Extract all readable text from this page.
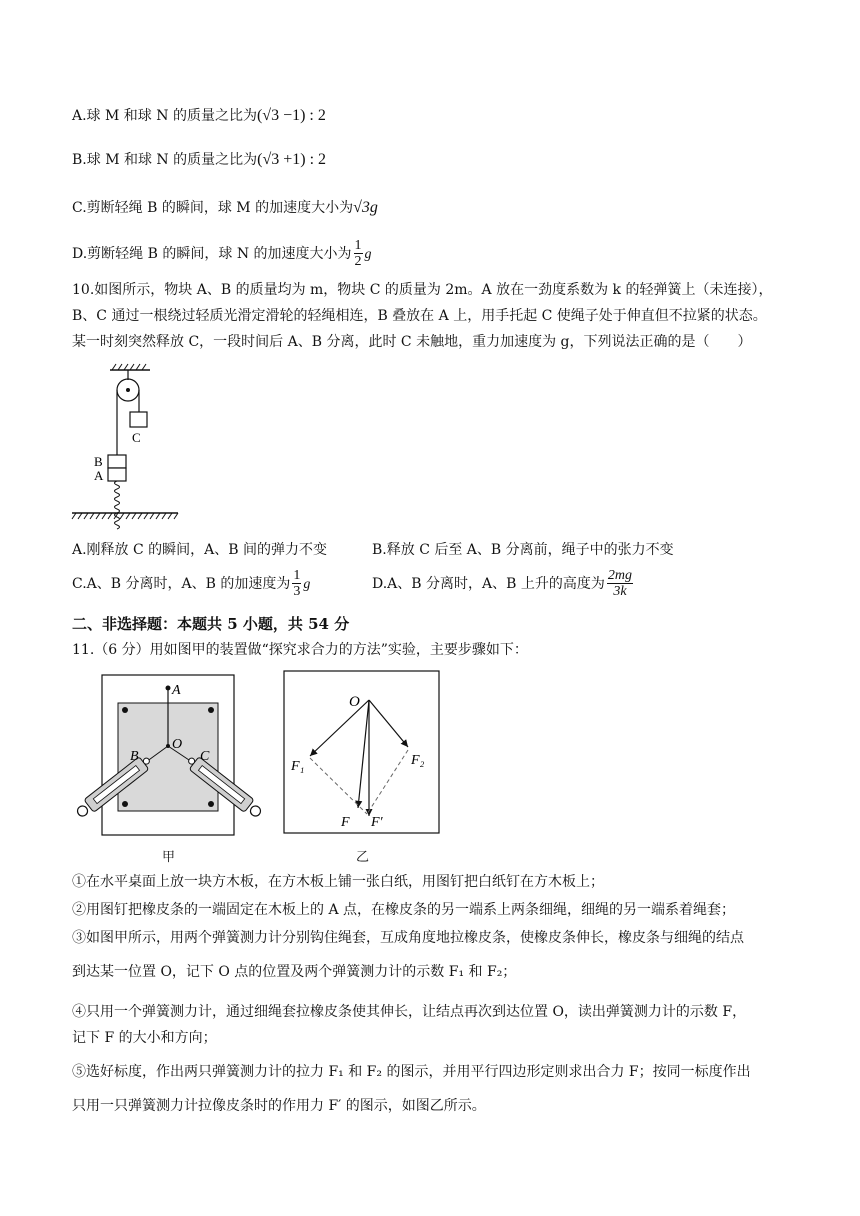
A.球 M 和球 N 的质量之比为(√3 −1) : 2
B.球 M 和球 N 的质量之比为(√3 +1) : 2
C.剪断轻绳 B 的瞬间，球 M 的加速度大小为√3g
D.剪断轻绳 B 的瞬间，球 N 的加速度大小为 $\frac{1}{2}$ g
10.如图所示，物块 A、B 的质量均为 m，物块 C 的质量为 2m。A 放在一劲度系数为 k 的轻弹簧上（未连接），
B、C 通过一根绕过轻质光滑定滑轮的轻绳相连，B 叠放在 A 上，用手托起 C 使绳子处于伸直但不拉紧的状态。
某一时刻突然释放 C，一段时间后 A、B 分离，此时 C 未触地，重力加速度为 g，下列说法正确的是（　　）
C
B
A
A.刚释放 C 的瞬间，A、B 间的弹力不变	B.释放 C 后至 A、B 分离前，绳子中的张力不变
C.A、B 分离时，A、B 的加速度为 $\frac{1}{3}$ g	D.A、B 分离时，A、B 上升的高度为 $\frac{2mg}{3k}$
二、非选择题：本题共 5 小题，共 54 分
11.（6 分）用如图甲的装置做“探究求合力的方法”实验，主要步骤如下：
A
B
O
C
O
F₁	F₂
F F′
甲	乙
①在水平桌面上放一块方木板，在方木板上铺一张白纸，用图钉把白纸钉在方木板上；
②用图钉把橡皮条的一端固定在木板上的 A 点，在橡皮条的另一端系上两条细绳，细绳的另一端系着绳套；
③如图甲所示，用两个弹簧测力计分别钩住绳套，互成角度地拉橡皮条，使橡皮条伸长，橡皮条与细绳的结点
到达某一位置 O，记下 O 点的位置及两个弹簧测力计的示数 F₁ 和 F₂；
④只用一个弹簧测力计，通过细绳套拉橡皮条使其伸长，让结点再次到达位置 O，读出弹簧测力计的示数 F，
记下 F 的大小和方向；
⑤选好标度，作出两只弹簧测力计的拉力 F₁ 和 F₂ 的图示，并用平行四边形定则求出合力 F；按同一标度作出
只用一只弹簧测力计拉像皮条时的作用力 F′ 的图示，如图乙所示。
